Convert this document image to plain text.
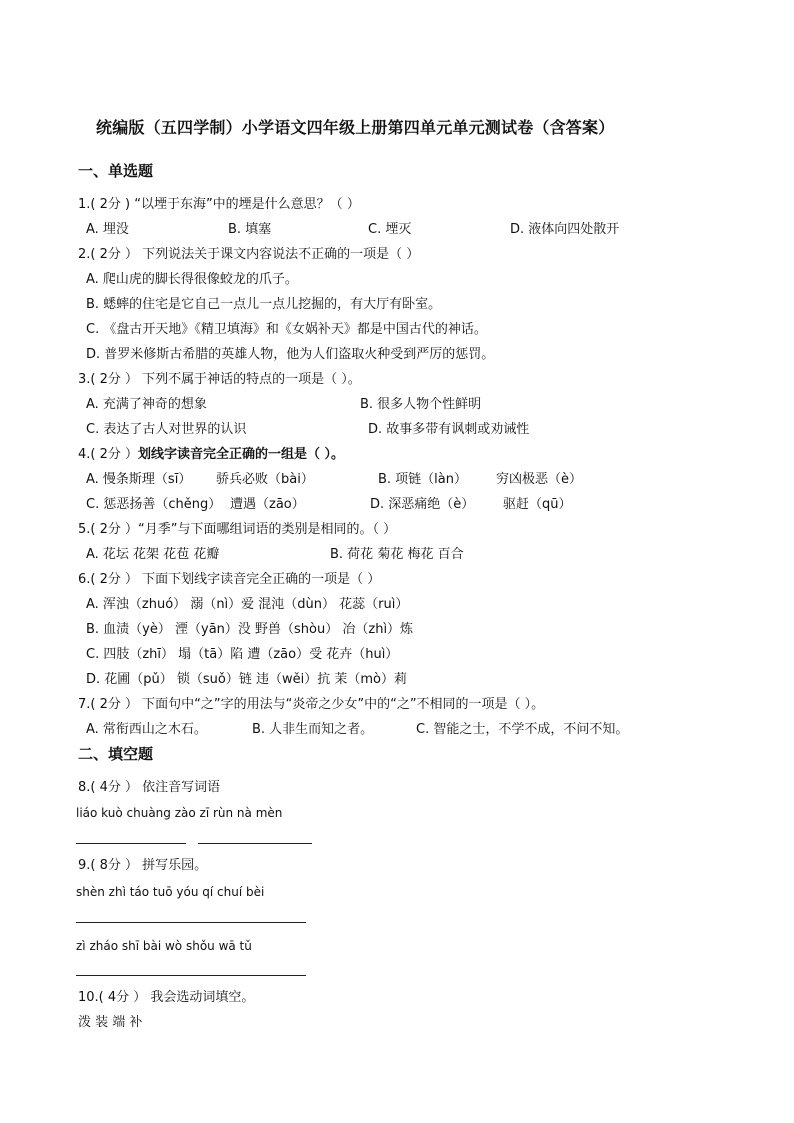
统编版（五四学制）小学语文四年级上册第四单元单元测试卷（含答案）
一、单选题
1.( 2分 ) “以堙于东海”中的堙是什么意思？（ ）
A. 埋没	B. 填塞	C. 堙灭	D. 液体向四处散开
2.( 2分 ） 下列说法关于课文内容说法不正确的一项是（ ）
A. 爬山虎的脚长得很像蛟龙的爪子。
B. 蟋蟀的住宅是它自己一点儿一点儿挖掘的，有大厅有卧室。
C. 《盘古开天地》《精卫填海》和《女娲补天》都是中国古代的神话。
D. 普罗米修斯古希腊的英雄人物，他为人们盗取火种受到严厉的惩罚。
3.( 2分 ） 下列不属于神话的特点的一项是（ ）。
A. 充满了神奇的想象	B. 很多人物个性鲜明
C. 表达了古人对世界的认识	D. 故事多带有讽刺或劝诫性
4.( 2分 ）划线字读音完全正确的一组是（ ）。
A. 慢条斯理（sī） 骄兵必败（bài）	B. 项链（làn） 穷凶极恶（è）
C. 惩恶扬善（chěng） 遭遇（zāo）	D. 深恶痛绝（è） 驱赶（qū）
5.( 2分 ）“月季”与下面哪组词语的类别是相同的。（ ）
A. 花坛 花架 花苞 花瓣	B. 荷花 菊花 梅花 百合
6.( 2分 ） 下面下划线字读音完全正确的一项是（ ）
A. 浑浊（zhuó） 溺（nì）爱 混沌（dùn） 花蕊（ruì）
B. 血渍（yè） 湮（yān）没 野兽（shòu） 冶（zhì）炼
C. 四肢（zhī） 塌（tā）陷 遭（zāo）受 花卉（huì）
D. 花圃（pǔ） 锁（suǒ）链 违（wěi）抗 茉（mò）莉
7.( 2分 ） 下面句中“之”字的用法与“炎帝之少女”中的“之”不相同的一项是（ ）。
A. 常衔西山之木石。	B. 人非生而知之者。	C. 智能之士，不学不成，不问不知。
二、填空题
8.( 4分 ） 依注音写词语
liáo kuò chuàng zào zī rùn nà mèn
9.( 8分 ） 拼写乐园。
shèn zhì táo tuō yóu qí chuí bèi
zì zháo shī bài wò shǒu wā tǔ
10.( 4分 ） 我会选动词填空。
泼 装 端 补
